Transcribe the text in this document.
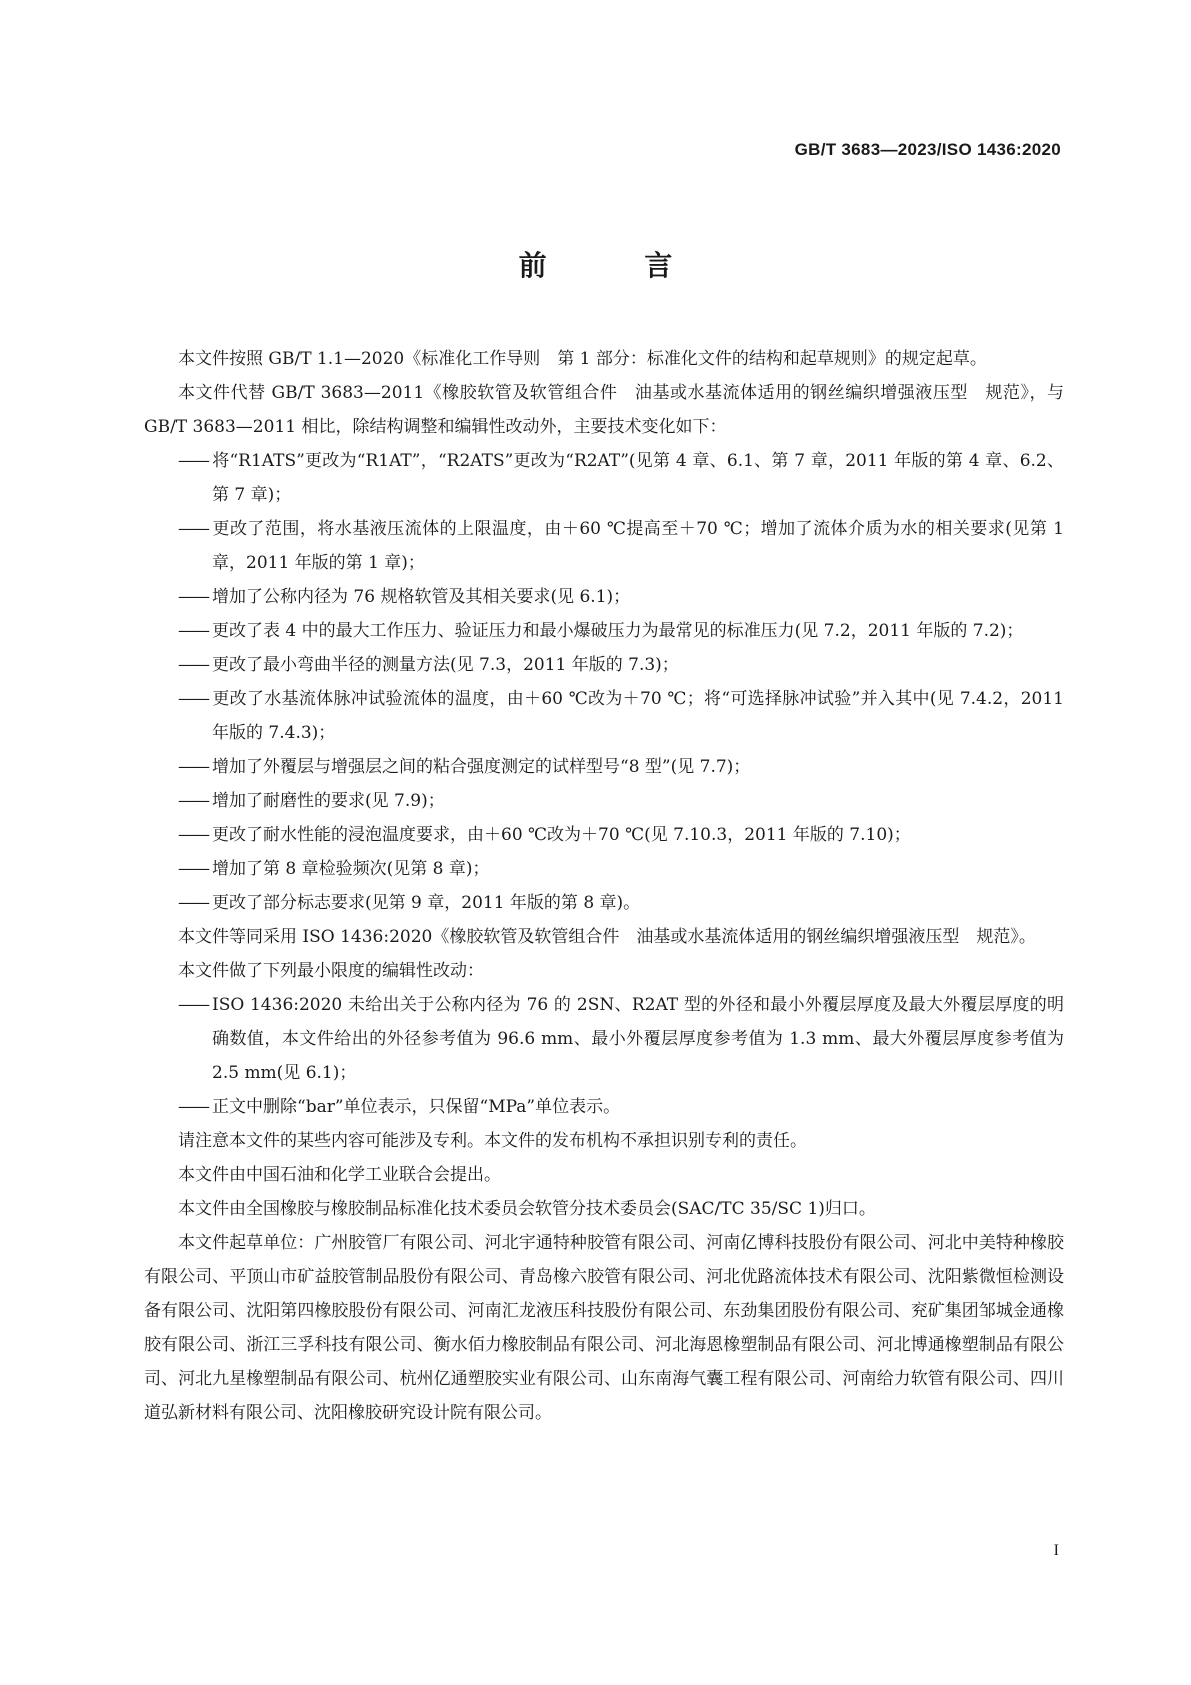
GB/T 3683—2023/ISO 1436:2020
前 言

本文件按照 GB/T 1.1—2020《标准化工作导则　第 1 部分：标准化文件的结构和起草规则》的规定起草。

本文件代替 GB/T 3683—2011《橡胶软管及软管组合件　油基或水基流体适用的钢丝编织增强液压型　规范》，与 GB/T 3683—2011 相比，除结构调整和编辑性改动外，主要技术变化如下：

—— 将“R1ATS”更改为“R1AT”，“R2ATS”更改为“R2AT”(见第 4 章、6.1、第 7 章，2011 年版的第 4 章、6.2、第 7 章)；

—— 更改了范围，将水基液压流体的上限温度，由＋60 ℃提高至＋70 ℃；增加了流体介质为水的相关要求(见第 1 章，2011 年版的第 1 章)；

—— 增加了公称内径为 76 规格软管及其相关要求(见 6.1)；

—— 更改了表 4 中的最大工作压力、验证压力和最小爆破压力为最常见的标准压力(见 7.2，2011 年版的 7.2)；

—— 更改了最小弯曲半径的测量方法(见 7.3，2011 年版的 7.3)；

—— 更改了水基流体脉冲试验流体的温度，由＋60 ℃改为＋70 ℃；将“可选择脉冲试验”并入其中(见 7.4.2，2011 年版的 7.4.3)；

—— 增加了外覆层与增强层之间的粘合强度测定的试样型号“8 型”(见 7.7)；

—— 增加了耐磨性的要求(见 7.9)；

—— 更改了耐水性能的浸泡温度要求，由＋60 ℃改为＋70 ℃(见 7.10.3，2011 年版的 7.10)；

—— 增加了第 8 章检验频次(见第 8 章)；

—— 更改了部分标志要求(见第 9 章，2011 年版的第 8 章)。

本文件等同采用 ISO 1436:2020《橡胶软管及软管组合件　油基或水基流体适用的钢丝编织增强液压型　规范》。

本文件做了下列最小限度的编辑性改动：

—— ISO 1436:2020 未给出关于公称内径为 76 的 2SN、R2AT 型的外径和最小外覆层厚度及最大外覆层厚度的明确数值，本文件给出的外径参考值为 96.6 mm、最小外覆层厚度参考值为 1.3 mm、最大外覆层厚度参考值为 2.5 mm(见 6.1)；

—— 正文中删除“bar”单位表示，只保留“MPa”单位表示。

请注意本文件的某些内容可能涉及专利。本文件的发布机构不承担识别专利的责任。

本文件由中国石油和化学工业联合会提出。

本文件由全国橡胶与橡胶制品标准化技术委员会软管分技术委员会(SAC/TC 35/SC 1)归口。

本文件起草单位：广州胶管厂有限公司、河北宇通特种胶管有限公司、河南亿博科技股份有限公司、河北中美特种橡胶有限公司、平顶山市矿益胶管制品股份有限公司、青岛橡六胶管有限公司、河北优路流体技术有限公司、沈阳紫微恒检测设备有限公司、沈阳第四橡胶股份有限公司、河南汇龙液压科技股份有限公司、东劲集团股份有限公司、兖矿集团邹城金通橡胶有限公司、浙江三孚科技有限公司、衡水佰力橡胶制品有限公司、河北海恩橡塑制品有限公司、河北博通橡塑制品有限公司、河北九星橡塑制品有限公司、杭州亿通塑胶实业有限公司、山东南海气囊工程有限公司、河南给力软管有限公司、四川道弘新材料有限公司、沈阳橡胶研究设计院有限公司。

I
